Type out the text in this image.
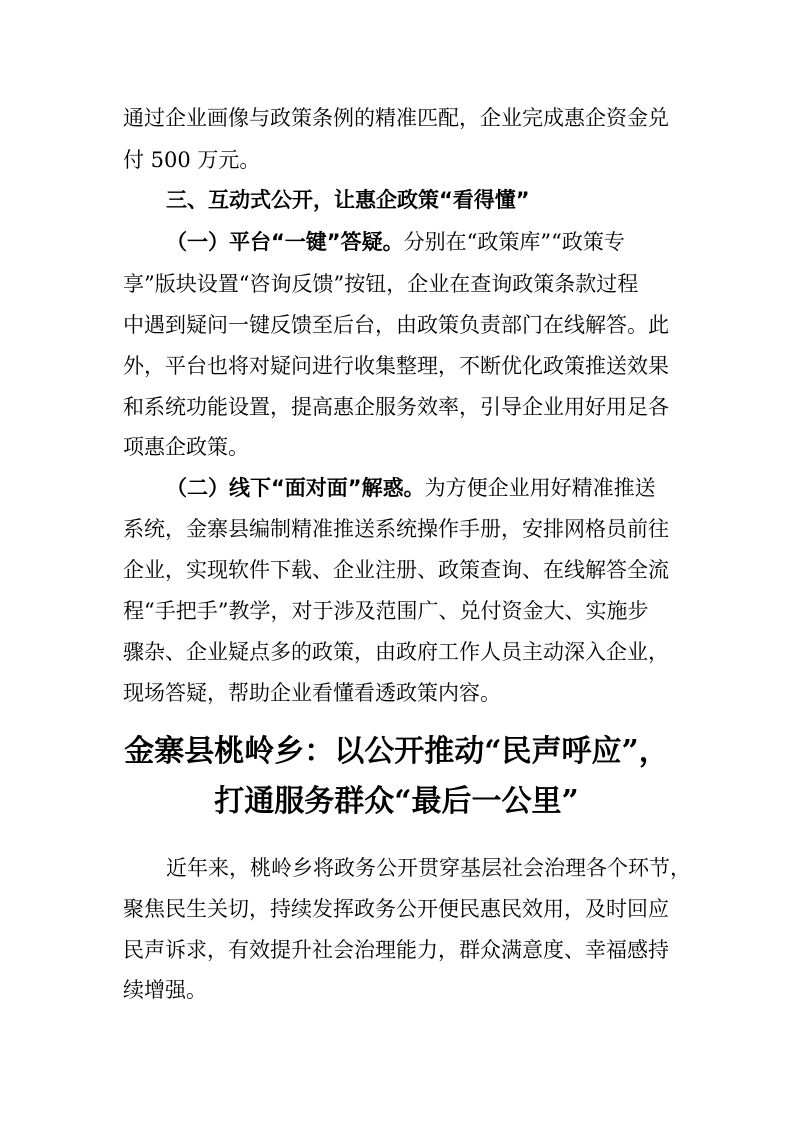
通过企业画像与政策条例的精准匹配，企业完成惠企资金兑

付 500 万元。

三、互动式公开，让惠企政策“看得懂”

（一）平台“一键”答疑。分别在“政策库”“政策专

享”版块设置“咨询反馈”按钮，企业在查询政策条款过程

中遇到疑问一键反馈至后台，由政策负责部门在线解答。此

外，平台也将对疑问进行收集整理，不断优化政策推送效果

和系统功能设置，提高惠企服务效率，引导企业用好用足各

项惠企政策。

（二）线下“面对面”解惑。为方便企业用好精准推送

系统，金寨县编制精准推送系统操作手册，安排网格员前往

企业，实现软件下载、企业注册、政策查询、在线解答全流

程“手把手”教学，对于涉及范围广、兑付资金大、实施步

骤杂、企业疑点多的政策，由政府工作人员主动深入企业，

现场答疑，帮助企业看懂看透政策内容。

金寨县桃岭乡：以公开推动“民声呼应”，
打通服务群众“最后一公里”

近年来，桃岭乡将政务公开贯穿基层社会治理各个环节，

聚焦民生关切，持续发挥政务公开便民惠民效用，及时回应

民声诉求，有效提升社会治理能力，群众满意度、幸福感持

续增强。
